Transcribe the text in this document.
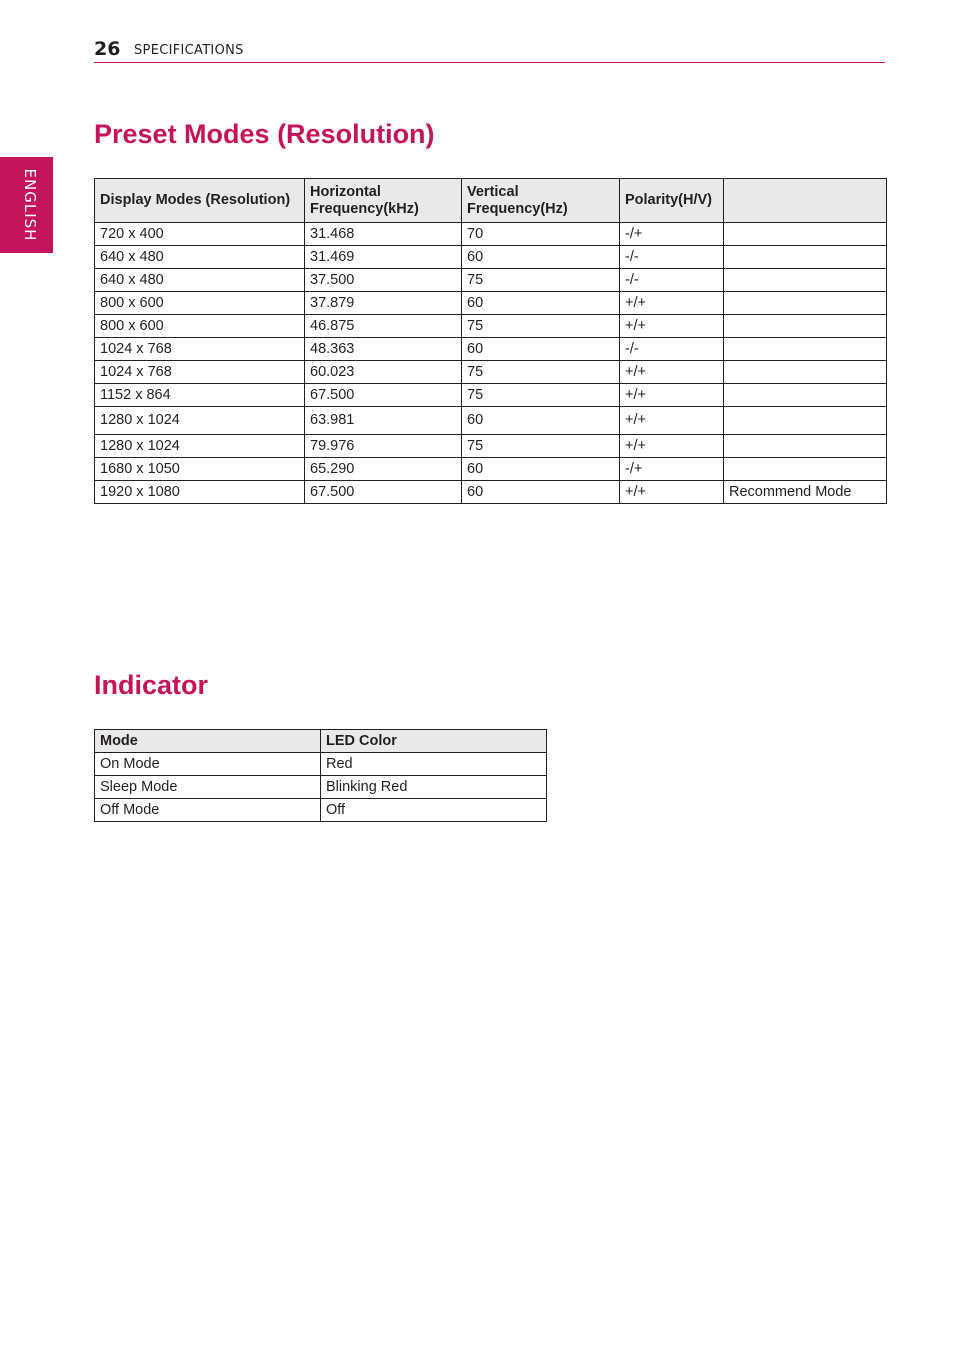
26 SPECIFICATIONS
ENGLISH
Preset Modes (Resolution)
Display Modes (Resolution)	Horizontal Frequency(kHz)	Vertical Frequency(Hz)	Polarity(H/V)	
720 x 400	31.468	70	-/+	
640 x 480	31.469	60	-/-	
640 x 480	37.500	75	-/-	
800 x 600	37.879	60	+/+	
800 x 600	46.875	75	+/+	
1024 x 768	48.363	60	-/-	
1024 x 768	60.023	75	+/+	
1152 x 864	67.500	75	+/+	
1280 x 1024	63.981	60	+/+	
1280 x 1024	79.976	75	+/+	
1680 x 1050	65.290	60	-/+	
1920 x 1080	67.500	60	+/+	Recommend Mode
Indicator
Mode	LED Color
On Mode	Red
Sleep Mode	Blinking Red
Off Mode	Off
